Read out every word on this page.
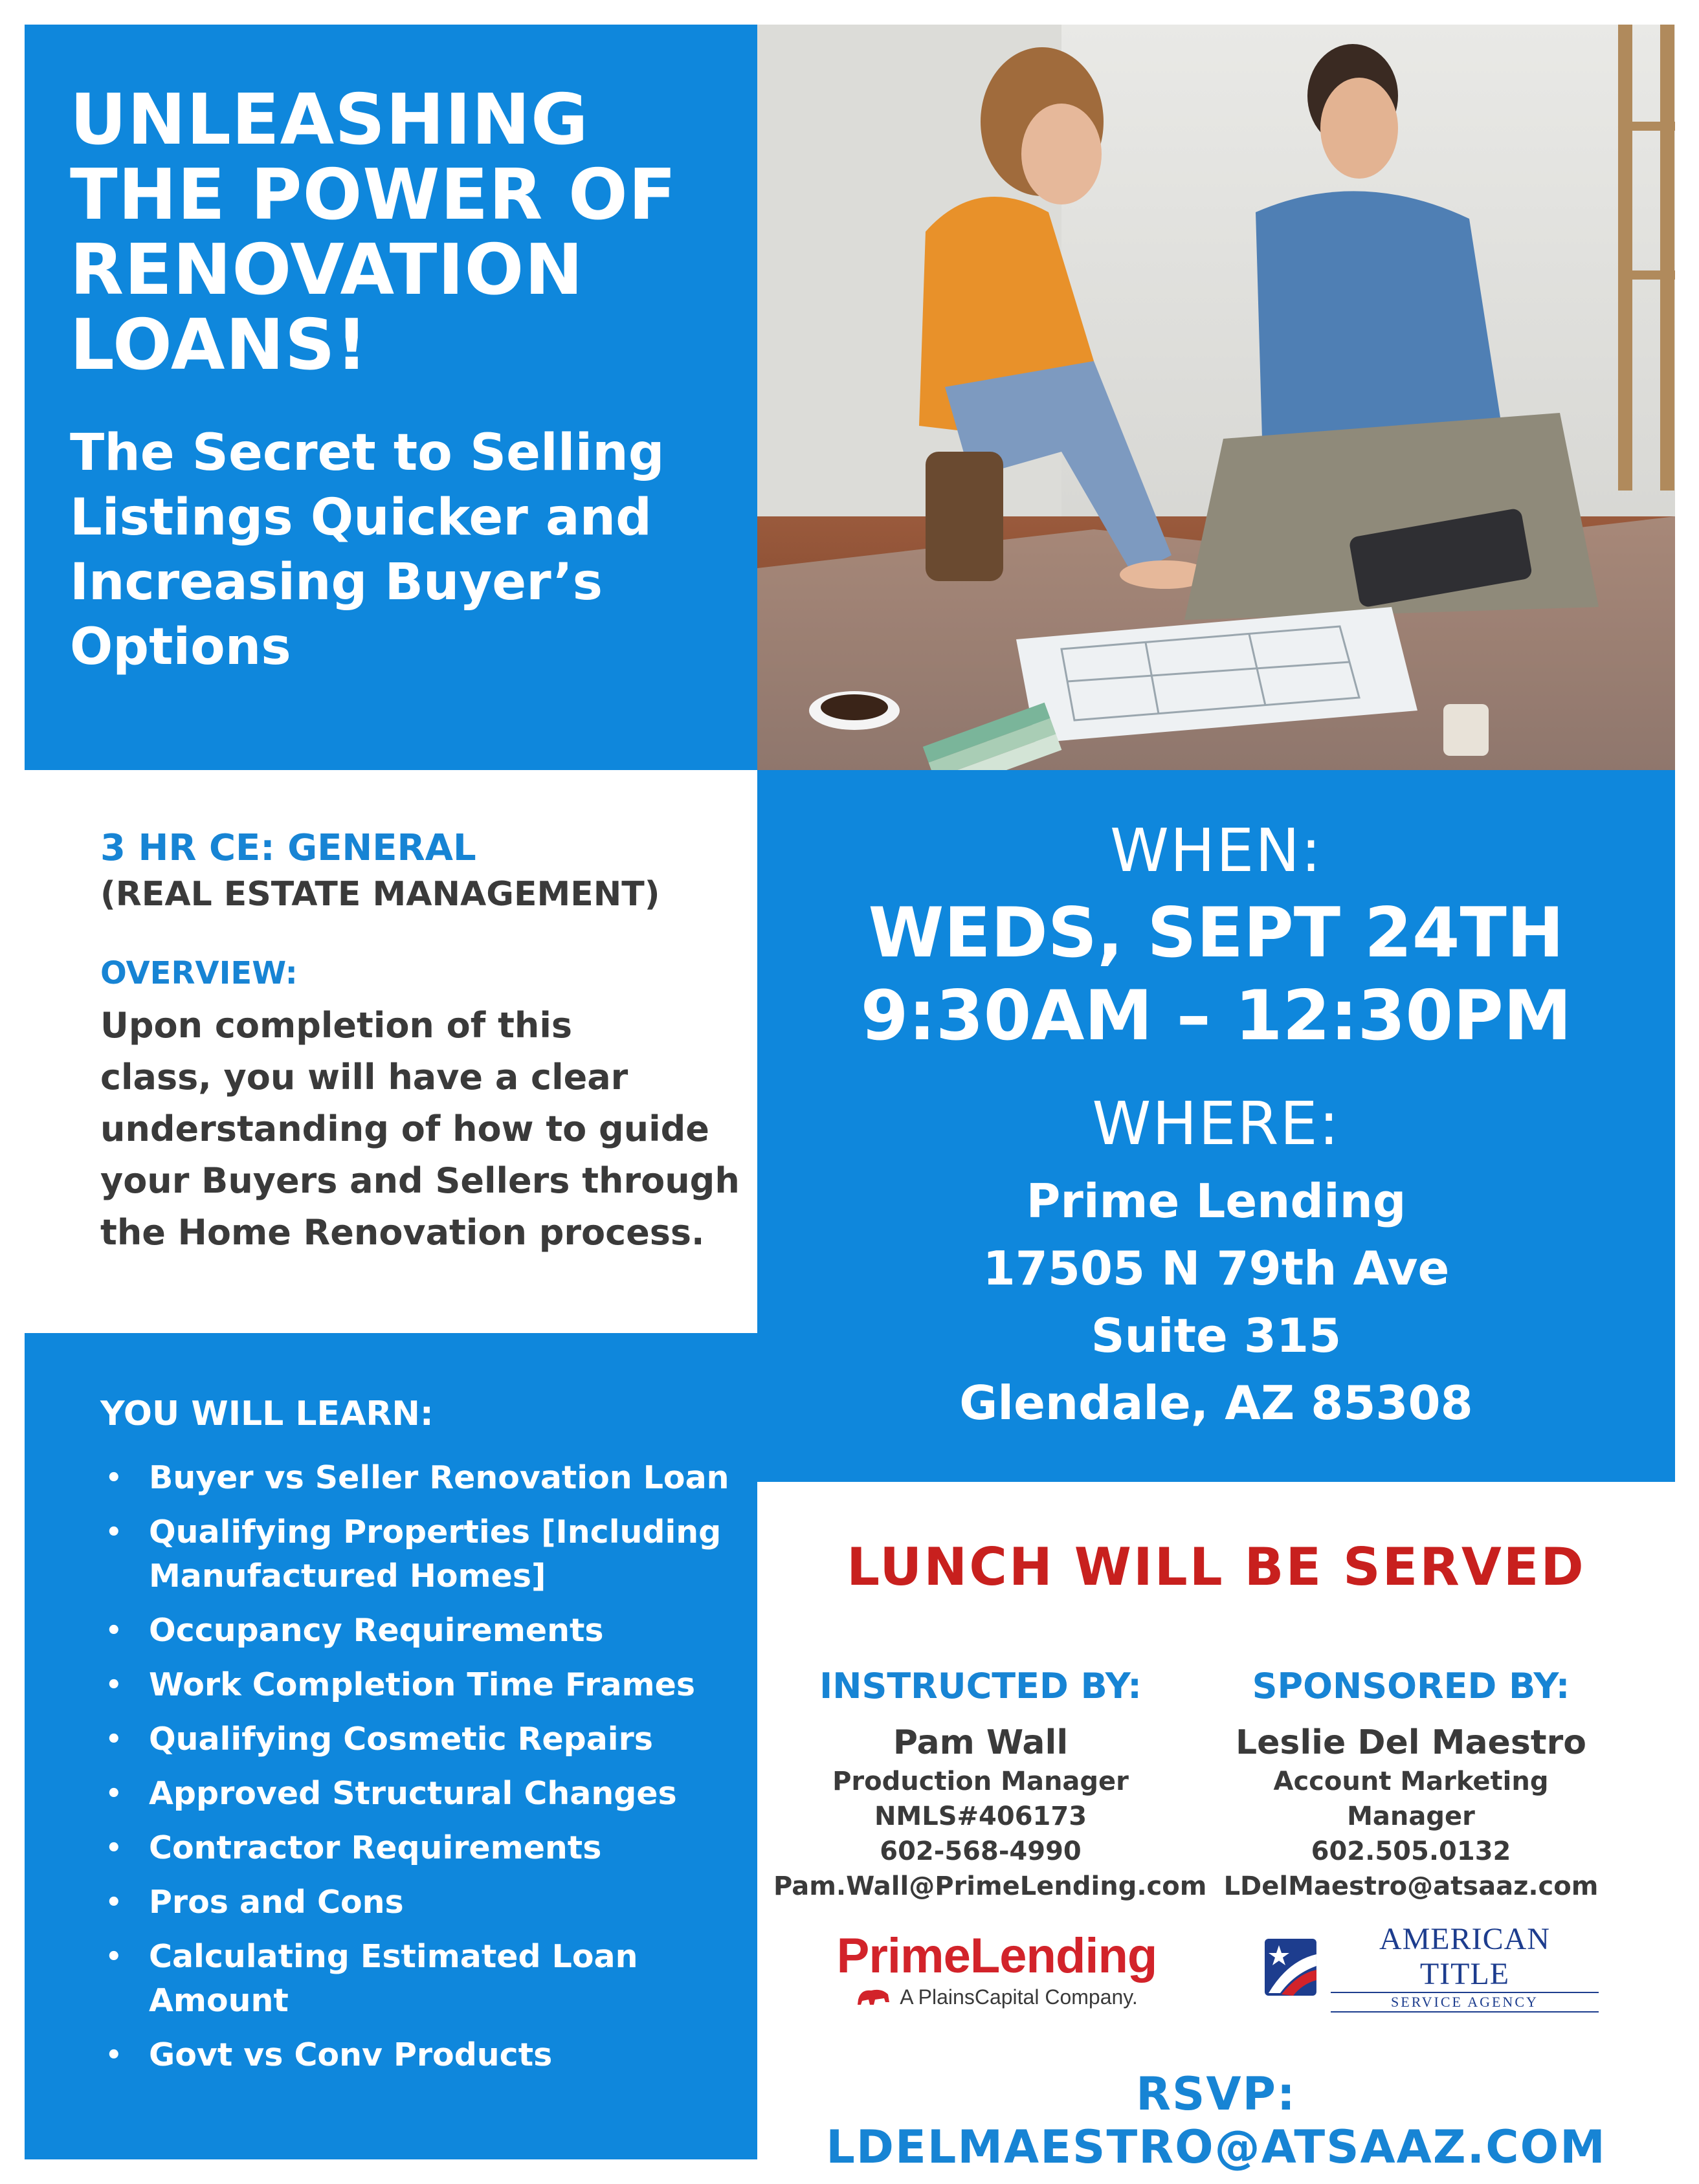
UNLEASHING
THE POWER OF
RENOVATION
LOANS!
The Secret to Selling
Listings Quicker and
Increasing Buyer’s
Options
3 HR CE: GENERAL
(REAL ESTATE MANAGEMENT)
OVERVIEW:
Upon completion of this
class, you will have a clear
understanding of how to guide
your Buyers and Sellers through
the Home Renovation process.
WHEN:
WEDS, SEPT 24TH
9:30AM – 12:30PM
WHERE:
Prime Lending
17505 N 79th Ave
Suite 315
Glendale, AZ 85308
YOU WILL LEARN:
• Buyer vs Seller Renovation Loan
• Qualifying Properties [Including Manufactured Homes]
• Occupancy Requirements
• Work Completion Time Frames
• Qualifying Cosmetic Repairs
• Approved Structural Changes
• Contractor Requirements
• Pros and Cons
• Calculating Estimated Loan Amount
• Govt vs Conv Products
LUNCH WILL BE SERVED
INSTRUCTED BY:
Pam Wall
Production Manager
NMLS#406173
602-568-4990
Pam.Wall@PrimeLending.com
SPONSORED BY:
Leslie Del Maestro
Account Marketing
Manager
602.505.0132
LDelMaestro@atsaaz.com
PrimeLending
A PlainsCapital Company.
AMERICAN TITLE
SERVICE AGENCY
RSVP: LDELMAESTRO@ATSAAZ.COM
